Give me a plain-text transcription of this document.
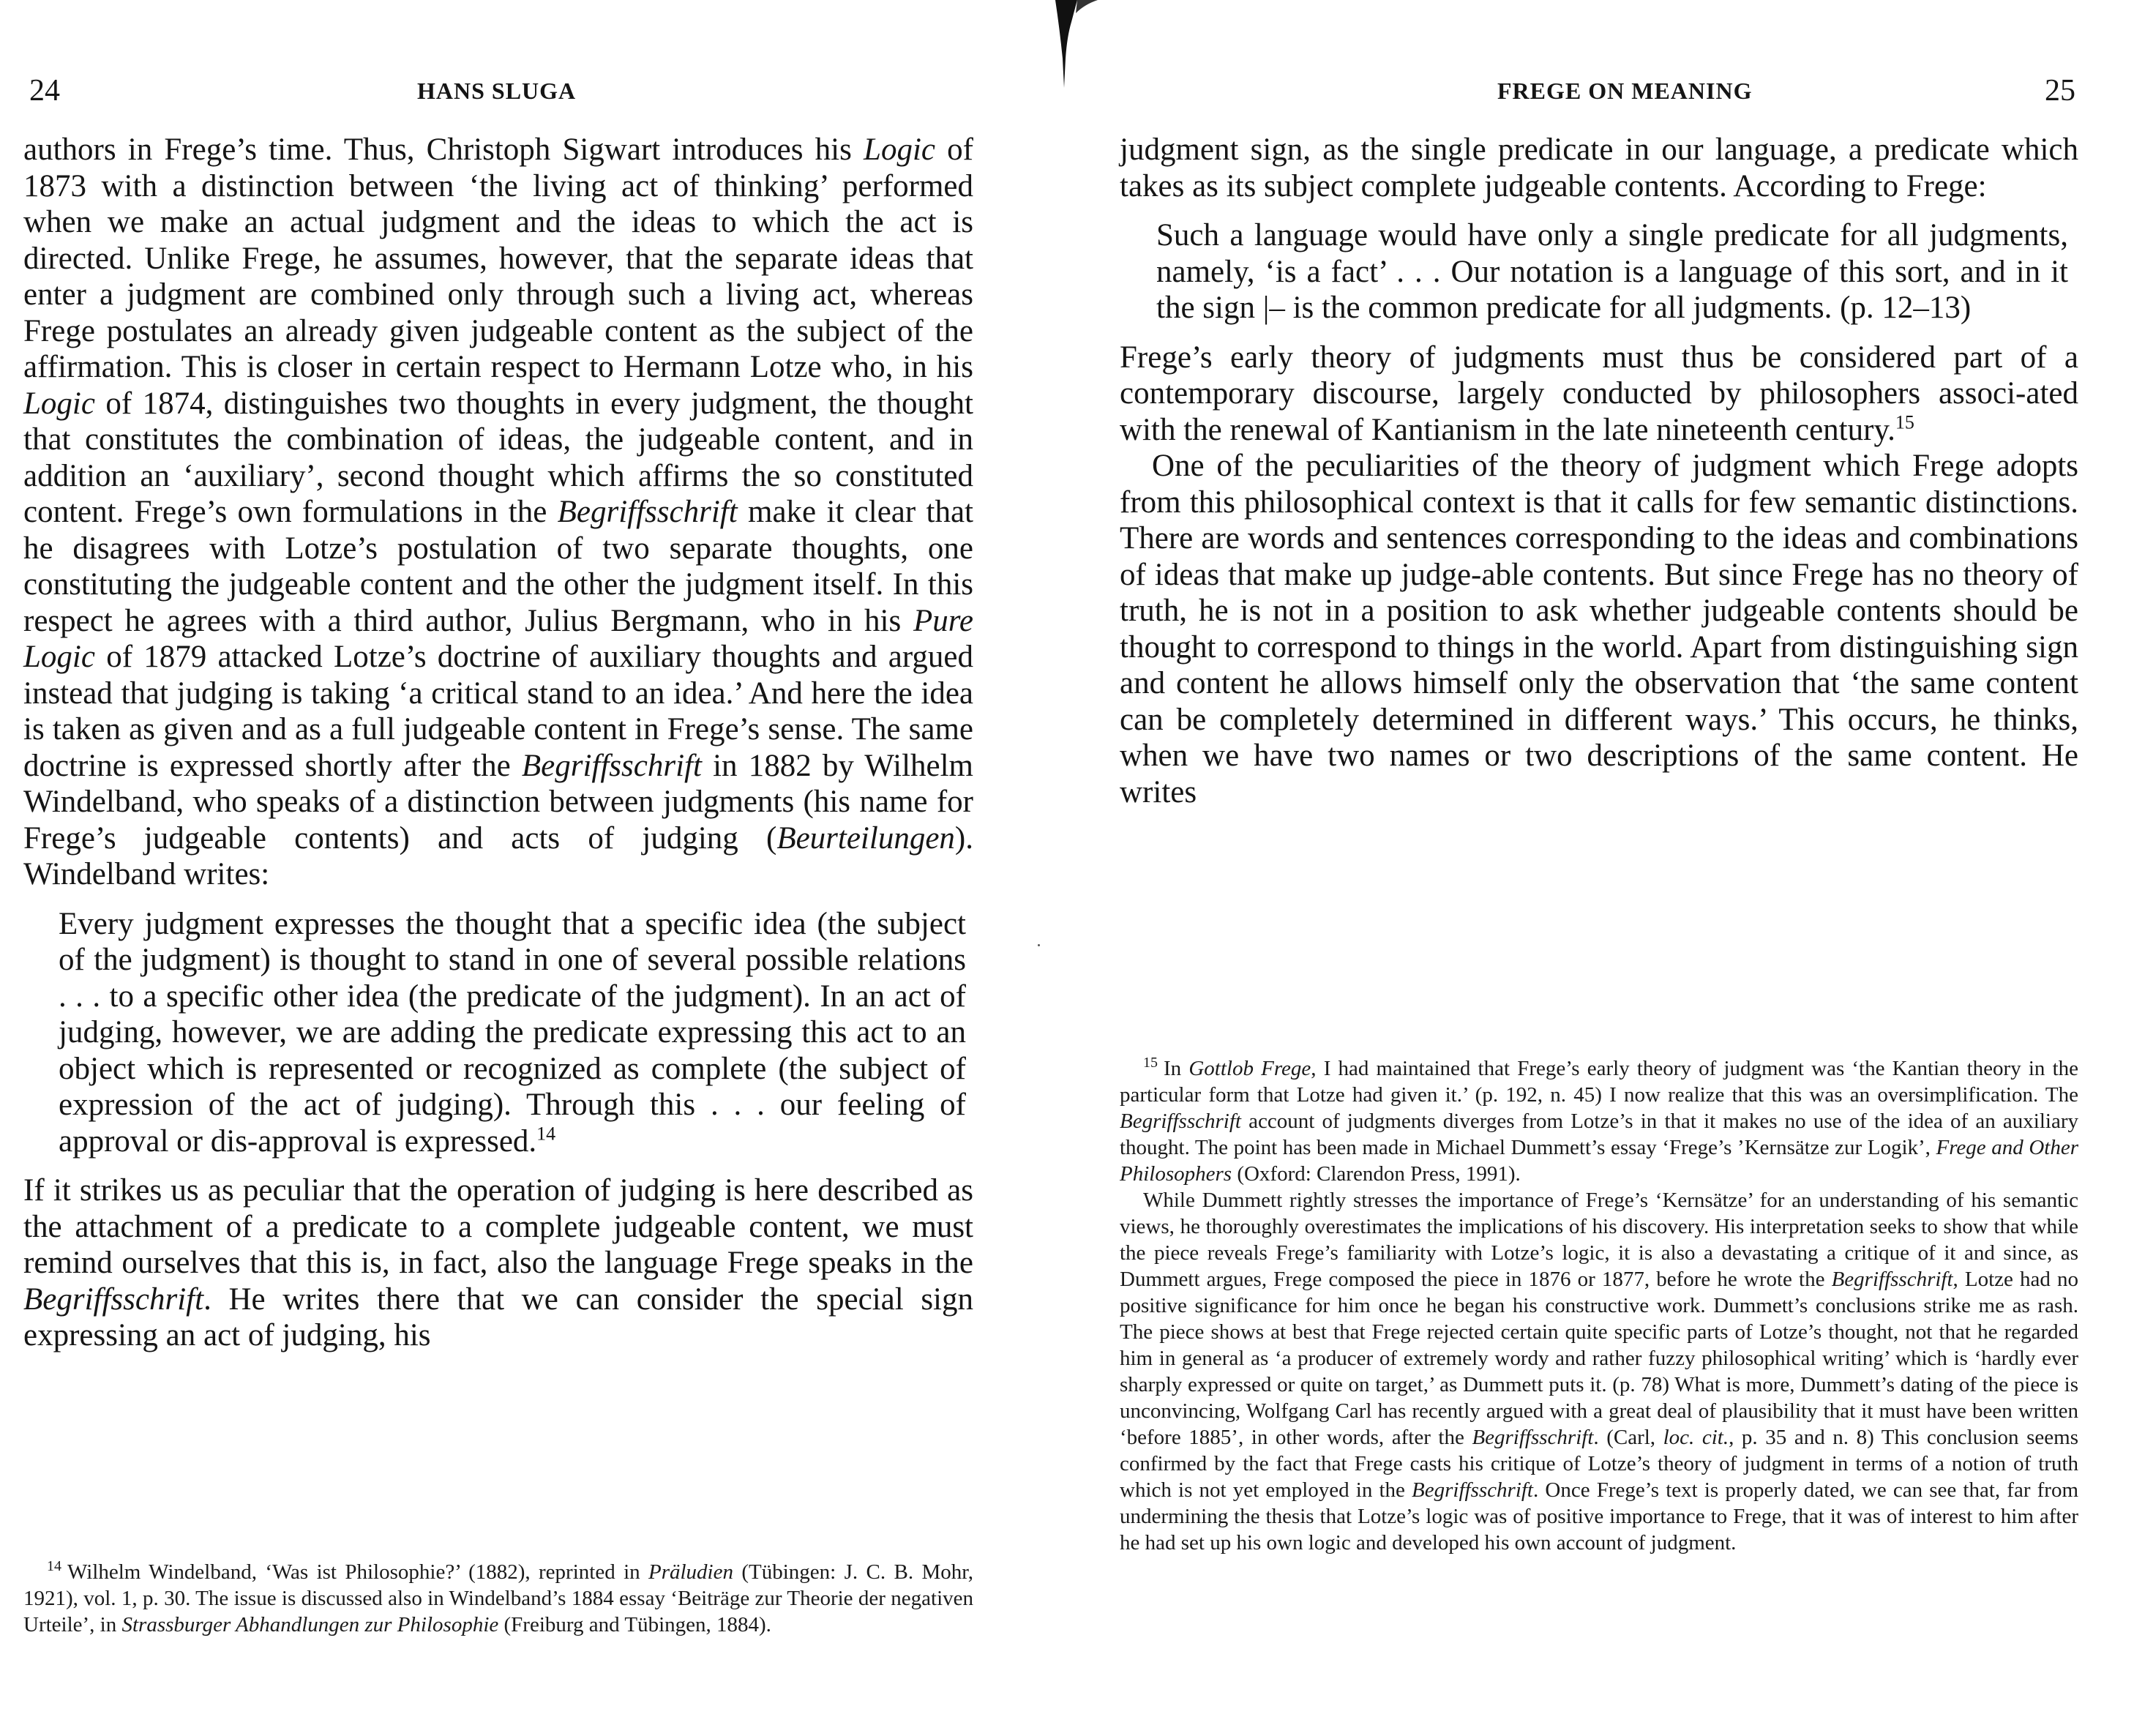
24	HANS SLUGA

authors in Frege’s time. Thus, Christoph Sigwart introduces his Logic of 1873 with a distinction between ‘the living act of thinking’ performed when we make an actual judgment and the ideas to which the act is directed. Unlike Frege, he assumes, however, that the separate ideas that enter a judgment are combined only through such a living act, whereas Frege postulates an already given judgeable content as the subject of the affirmation. This is closer in certain respect to Hermann Lotze who, in his Logic of 1874, distinguishes two thoughts in every judgment, the thought that constitutes the combination of ideas, the judgeable content, and in addition an ‘auxiliary’, second thought which affirms the so constituted content. Frege’s own formulations in the Begriffsschrift make it clear that he disagrees with Lotze’s postulation of two separate thoughts, one constituting the judgeable content and the other the judgment itself. In this respect he agrees with a third author, Julius Bergmann, who in his Pure Logic of 1879 attacked Lotze’s doctrine of auxiliary thoughts and argued instead that judging is taking ‘a critical stand to an idea.’ And here the idea is taken as given and as a full judgeable content in Frege’s sense. The same doctrine is expressed shortly after the Begriffsschrift in 1882 by Wilhelm Windelband, who speaks of a distinction between judgments (his name for Frege’s judgeable contents) and acts of judging (Beurteilungen). Windelband writes:

Every judgment expresses the thought that a specific idea (the subject of the judgment) is thought to stand in one of several possible relations . . . to a specific other idea (the predicate of the judgment). In an act of judging, however, we are adding the predicate expressing this act to an object which is represented or recognized as complete (the subject of expression of the act of judging). Through this . . . our feeling of approval or dis-approval is expressed.$^{14}$

If it strikes us as peculiar that the operation of judging is here described as the attachment of a predicate to a complete judgeable content, we must remind ourselves that this is, in fact, also the language Frege speaks in the Begriffsschrift. He writes there that we can consider the special sign expressing an act of judging, his

$^{14}$ Wilhelm Windelband, ‘Was ist Philosophie?’ (1882), reprinted in Präludien (Tübingen: J. C. B. Mohr, 1921), vol. 1, p. 30. The issue is discussed also in Windelband’s 1884 essay ‘Beiträge zur Theorie der negativen Urteile’, in Strassburger Abhandlungen zur Philosophie (Freiburg and Tübingen, 1884).

FREGE ON MEANING	25

judgment sign, as the single predicate in our language, a predicate which takes as its subject complete judgeable contents. According to Frege:

Such a language would have only a single predicate for all judgments, namely, ‘is a fact’ . . . Our notation is a language of this sort, and in it the sign |– is the common predicate for all judgments. (p. 12–13)

Frege’s early theory of judgments must thus be considered part of a contemporary discourse, largely conducted by philosophers associ-ated with the renewal of Kantianism in the late nineteenth century.$^{15}$

One of the peculiarities of the theory of judgment which Frege adopts from this philosophical context is that it calls for few semantic distinctions. There are words and sentences corresponding to the ideas and combinations of ideas that make up judge-able contents. But since Frege has no theory of truth, he is not in a position to ask whether judgeable contents should be thought to correspond to things in the world. Apart from distinguishing sign and content he allows himself only the observation that ‘the same content can be completely determined in different ways.’ This occurs, he thinks, when we have two names or two descriptions of the same content. He writes

$^{15}$ In Gottlob Frege, I had maintained that Frege’s early theory of judgment was ‘the Kantian theory in the particular form that Lotze had given it.’ (p. 192, n. 45) I now realize that this was an oversimplification. The Begriffsschrift account of judgments diverges from Lotze’s in that it makes no use of the idea of an auxiliary thought. The point has been made in Michael Dummett’s essay ‘Frege’s ’Kernsätze zur Logik’, Frege and Other Philosophers (Oxford: Clarendon Press, 1991).

While Dummett rightly stresses the importance of Frege’s ‘Kernsätze’ for an understanding of his semantic views, he thoroughly overestimates the implications of his discovery. His interpretation seeks to show that while the piece reveals Frege’s familiarity with Lotze’s logic, it is also a devastating a critique of it and since, as Dummett argues, Frege composed the piece in 1876 or 1877, before he wrote the Begriffsschrift, Lotze had no positive significance for him once he began his constructive work. Dummett’s conclusions strike me as rash. The piece shows at best that Frege rejected certain quite specific parts of Lotze’s thought, not that he regarded him in general as ‘a producer of extremely wordy and rather fuzzy philosophical writing’ which is ‘hardly ever sharply expressed or quite on target,’ as Dummett puts it. (p. 78) What is more, Dummett’s dating of the piece is unconvincing, Wolfgang Carl has recently argued with a great deal of plausibility that it must have been written ‘before 1885’, in other words, after the Begriffsschrift. (Carl, loc. cit., p. 35 and n. 8) This conclusion seems confirmed by the fact that Frege casts his critique of Lotze’s theory of judgment in terms of a notion of truth which is not yet employed in the Begriffsschrift. Once Frege’s text is properly dated, we can see that, far from undermining the thesis that Lotze’s logic was of positive importance to Frege, that it was of interest to him after he had set up his own logic and developed his own account of judgment.
